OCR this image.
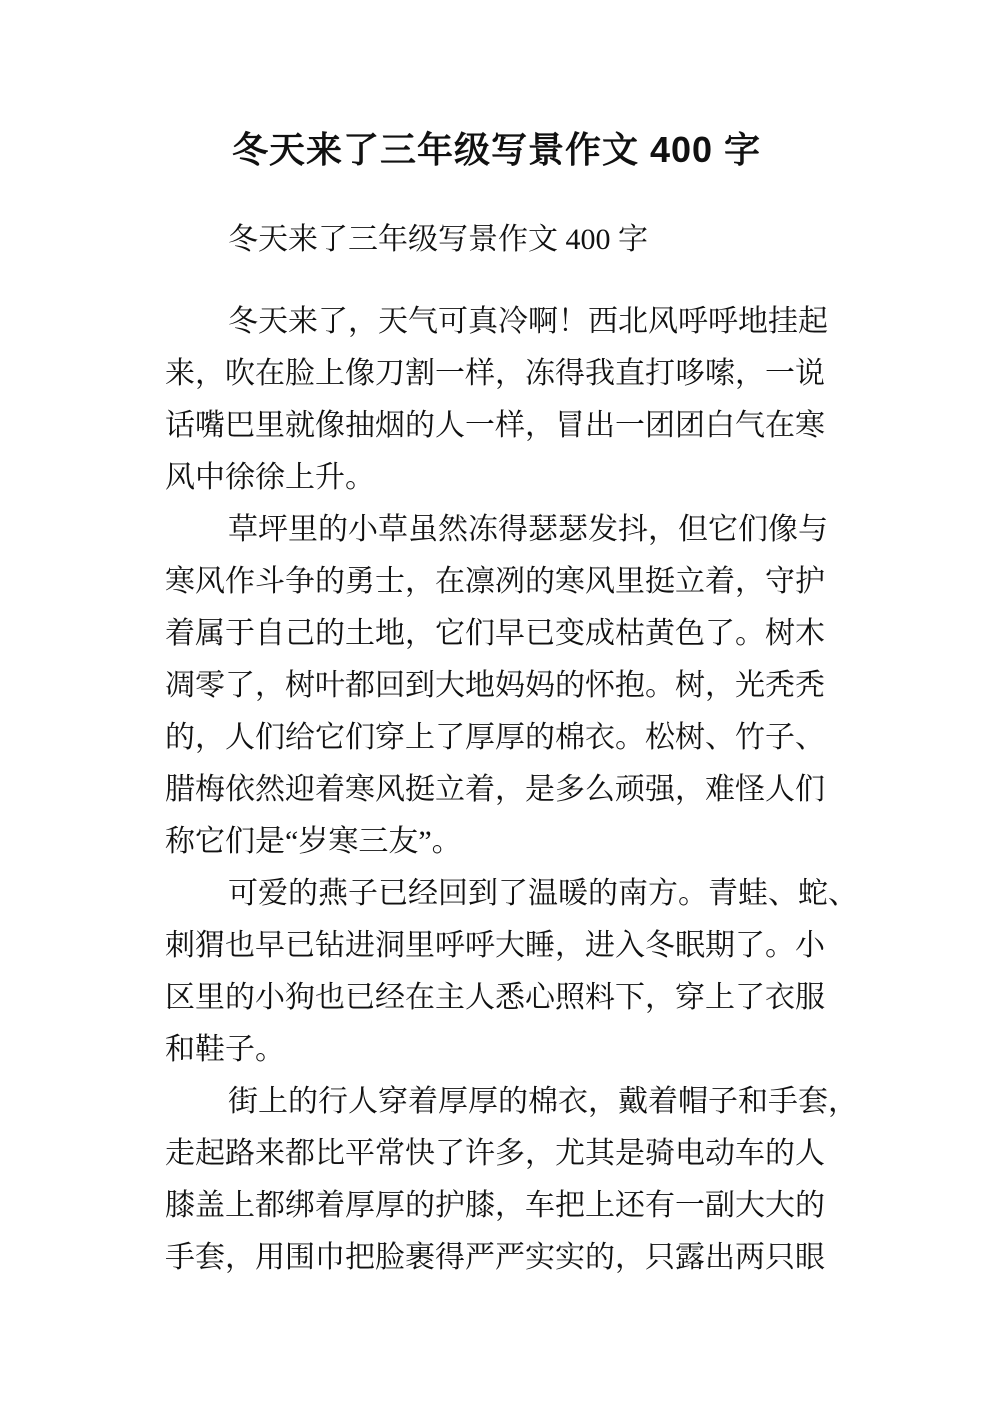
冬天来了三年级写景作文 400 字
冬天来了三年级写景作文 400 字
冬天来了，天气可真冷啊！西北风呼呼地挂起
来，吹在脸上像刀割一样，冻得我直打哆嗦，一说
话嘴巴里就像抽烟的人一样，冒出一团团白气在寒
风中徐徐上升。
草坪里的小草虽然冻得瑟瑟发抖，但它们像与
寒风作斗争的勇士，在凛冽的寒风里挺立着，守护
着属于自己的土地，它们早已变成枯黄色了。树木
凋零了，树叶都回到大地妈妈的怀抱。树，光秃秃
的，人们给它们穿上了厚厚的棉衣。松树、竹子、
腊梅依然迎着寒风挺立着，是多么顽强，难怪人们
称它们是“岁寒三友”。
可爱的燕子已经回到了温暖的南方。青蛙、蛇、
刺猬也早已钻进洞里呼呼大睡，进入冬眠期了。小
区里的小狗也已经在主人悉心照料下，穿上了衣服
和鞋子。
街上的行人穿着厚厚的棉衣，戴着帽子和手套，
走起路来都比平常快了许多，尤其是骑电动车的人
膝盖上都绑着厚厚的护膝，车把上还有一副大大的
手套，用围巾把脸裹得严严实实的，只露出两只眼
